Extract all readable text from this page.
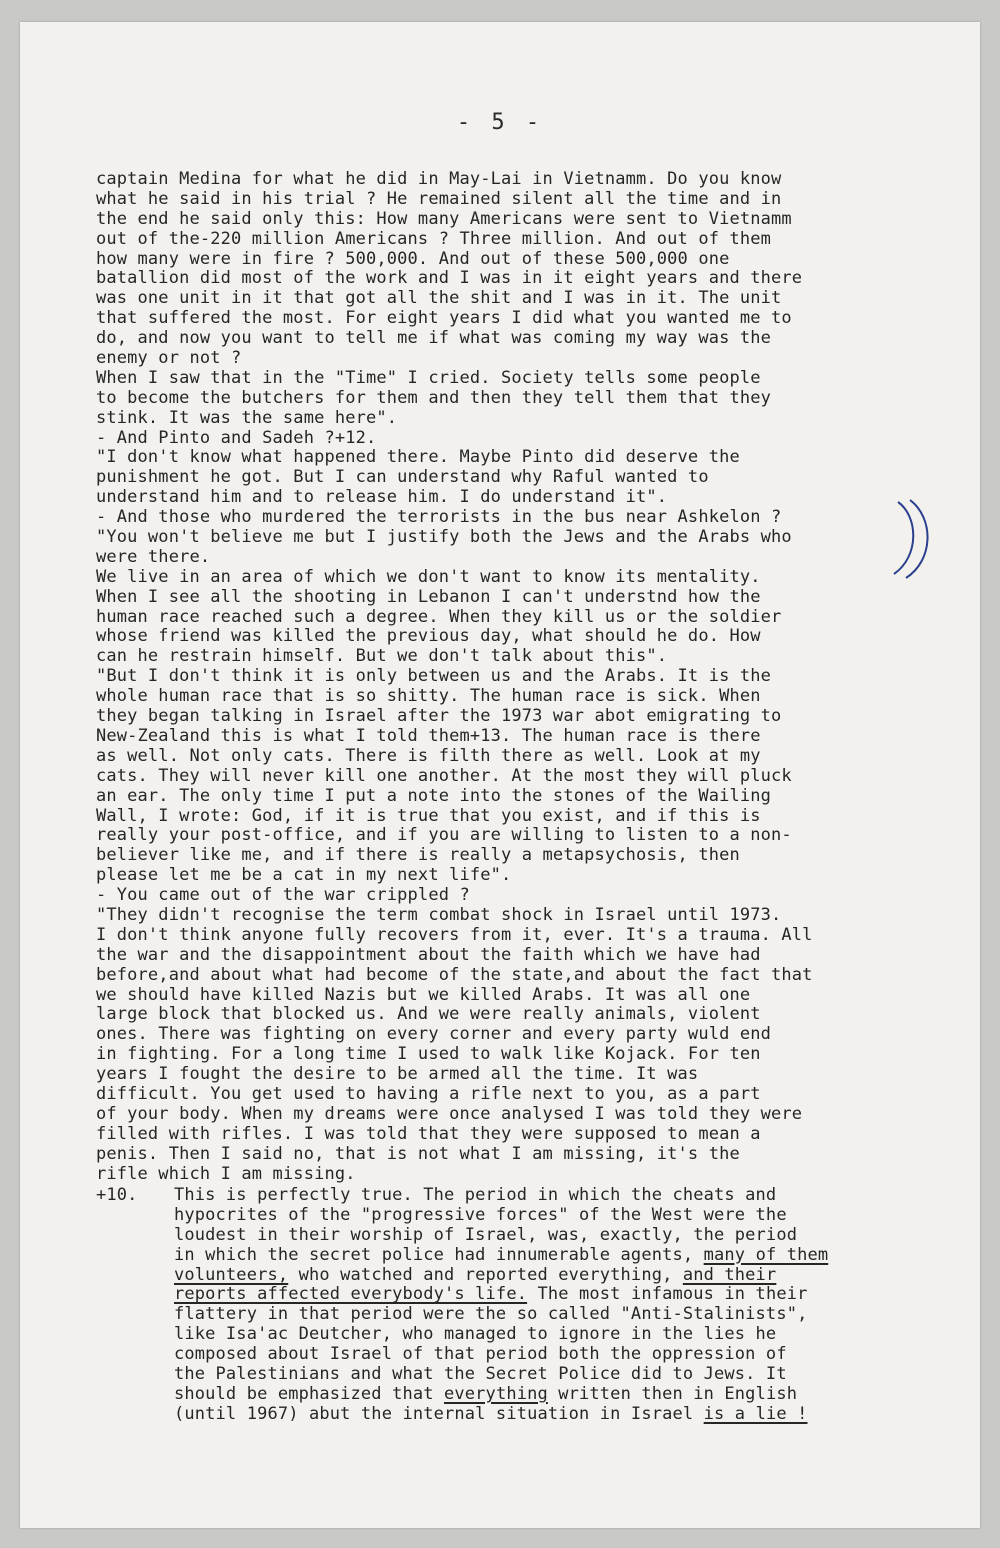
- 5 -
captain Medina for what he did in May-Lai in Vietnamm. Do you know
what he said in his trial ? He remained silent all the time and in
the end he said only this: How many Americans were sent to Vietnamm
out of the-220 million Americans ? Three million. And out of them
how many were in fire ? 500,000. And out of these 500,000 one
batallion did most of the work and I was in it eight years and there
was one unit in it that got all the shit and I was in it. The unit
that suffered the most. For eight years I did what you wanted me to
do, and now you want to tell me if what was coming my way was the
enemy or not ?
When I saw that in the "Time" I cried. Society tells some people
to become the butchers for them and then they tell them that they
stink. It was the same here".
- And Pinto and Sadeh ?+12.
"I don't know what happened there. Maybe Pinto did deserve the
punishment he got. But I can understand why Raful wanted to
understand him and to release him. I do understand it".
- And those who murdered the terrorists in the bus near Ashkelon ?
"You won't believe me but I justify both the Jews and the Arabs who
were there.
We live in an area of which we don't want to know its mentality.
When I see all the shooting in Lebanon I can't understnd how the
human race reached such a degree. When they kill us or the soldier
whose friend was killed the previous day, what should he do. How
can he restrain himself. But we don't talk about this".
"But I don't think it is only between us and the Arabs. It is the
whole human race that is so shitty. The human race is sick. When
they began talking in Israel after the 1973 war abot emigrating to
New-Zealand this is what I told them+13. The human race is there
as well. Not only cats. There is filth there as well. Look at my
cats. They will never kill one another. At the most they will pluck
an ear. The only time I put a note into the stones of the Wailing
Wall, I wrote: God, if it is true that you exist, and if this is
really your post-office, and if you are willing to listen to a non-
believer like me, and if there is really a metapsychosis, then
please let me be a cat in my next life".
- You came out of the war crippled ?
"They didn't recognise the term combat shock in Israel until 1973.
I don't think anyone fully recovers from it, ever. It's a trauma. All
the war and the disappointment about the faith which we have had
before,and about what had become of the state,and about the fact that
we should have killed Nazis but we killed Arabs. It was all one
large block that blocked us. And we were really animals, violent
ones. There was fighting on every corner and every party wuld end
in fighting. For a long time I used to walk like Kojack. For ten
years I fought the desire to be armed all the time. It was
difficult. You get used to having a rifle next to you, as a part
of your body. When my dreams were once analysed I was told they were
filled with rifles. I was told that they were supposed to mean a
penis. Then I said no, that is not what I am missing, it's the
rifle which I am missing.
+10. This is perfectly true. The period in which the cheats and
hypocrites of the "progressive forces" of the West were the
loudest in their worship of Israel, was, exactly, the period
in which the secret police had innumerable agents, many of them
volunteers, who watched and reported everything, and their
reports affected everybody's life. The most infamous in their
flattery in that period were the so called "Anti-Stalinists",
like Isa'ac Deutcher, who managed to ignore in the lies he
composed about Israel of that period both the oppression of
the Palestinians and what the Secret Police did to Jews. It
should be emphasized that everything written then in English
(until 1967) abut the internal situation in Israel is a lie !
